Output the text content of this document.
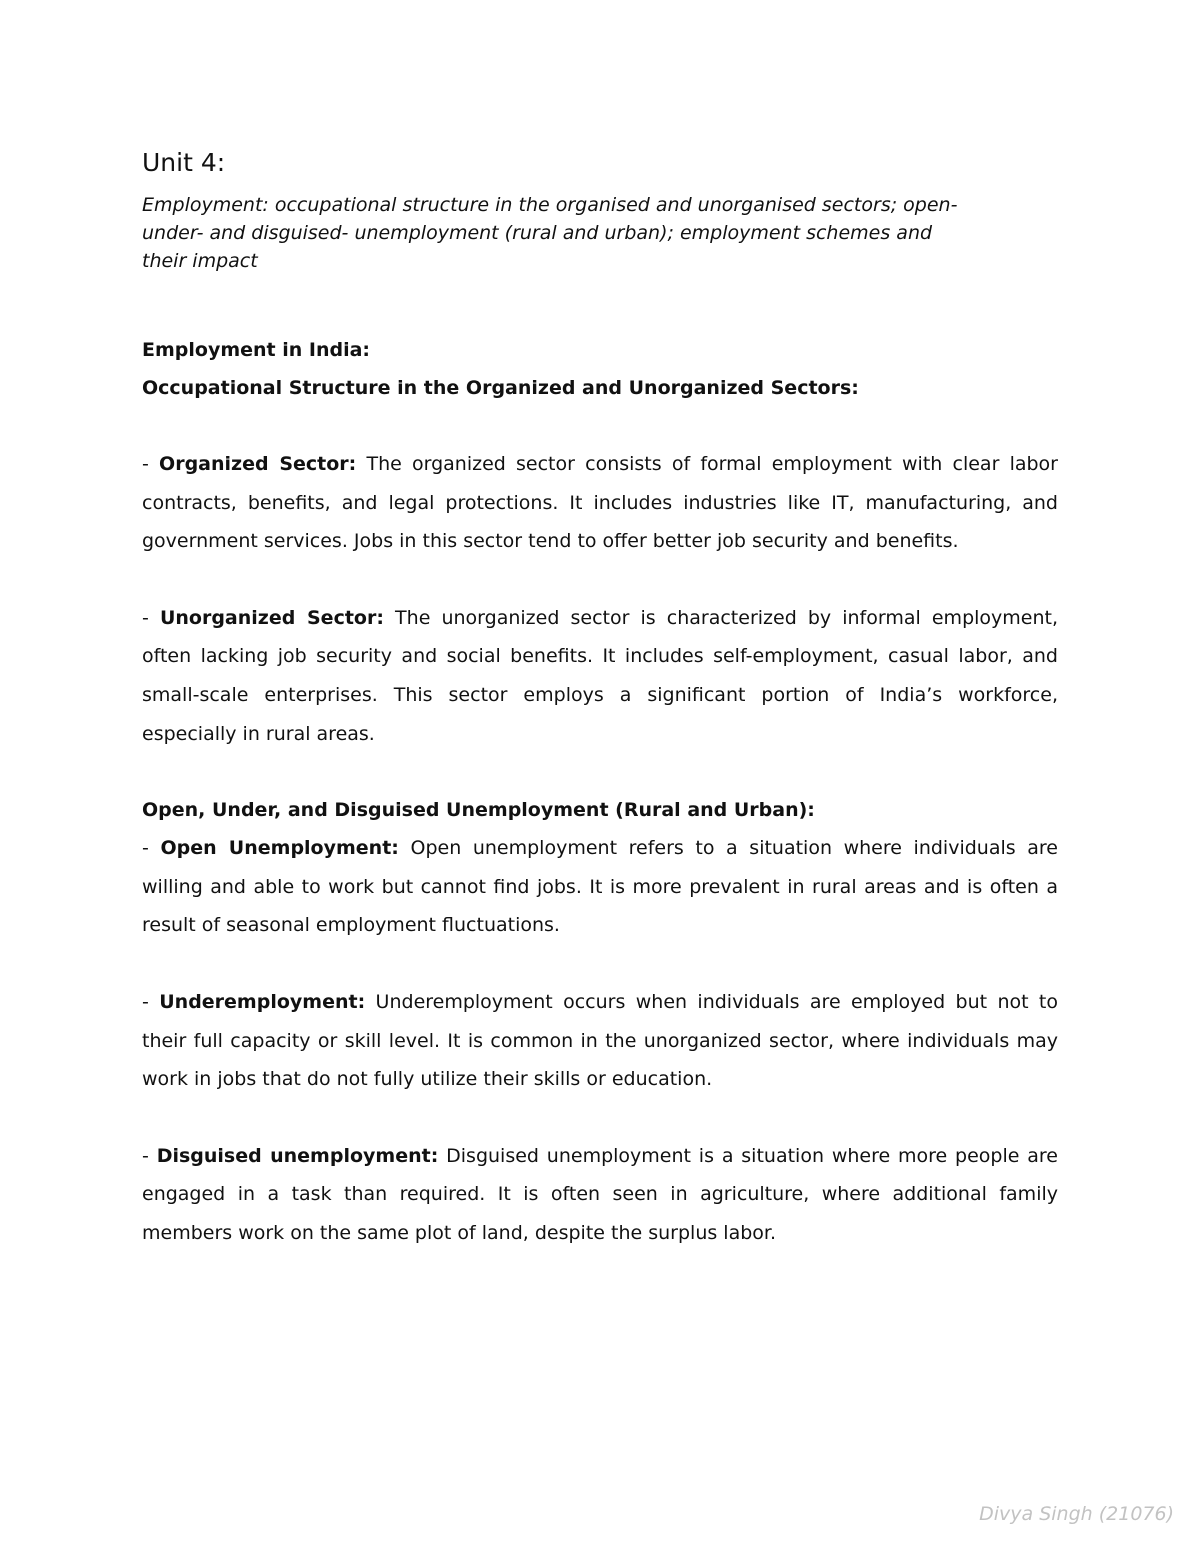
Unit 4:

Employment: occupational structure in the organised and unorganised sectors; open- under- and disguised- unemployment (rural and urban); employment schemes and their impact

Employment in India:

Occupational Structure in the Organized and Unorganized Sectors:

- Organized Sector: The organized sector consists of formal employment with clear labor contracts, benefits, and legal protections. It includes industries like IT, manufacturing, and government services. Jobs in this sector tend to offer better job security and benefits.

- Unorganized Sector: The unorganized sector is characterized by informal employment, often lacking job security and social benefits. It includes self-employment, casual labor, and small-scale enterprises. This sector employs a significant portion of India’s workforce, especially in rural areas.

Open, Under, and Disguised Unemployment (Rural and Urban):

- Open Unemployment: Open unemployment refers to a situation where individuals are willing and able to work but cannot find jobs. It is more prevalent in rural areas and is often a result of seasonal employment fluctuations.

- Underemployment: Underemployment occurs when individuals are employed but not to their full capacity or skill level. It is common in the unorganized sector, where individuals may work in jobs that do not fully utilize their skills or education.

- Disguised unemployment: Disguised unemployment is a situation where more people are engaged in a task than required. It is often seen in agriculture, where additional family members work on the same plot of land, despite the surplus labor.

Divya Singh (21076)
